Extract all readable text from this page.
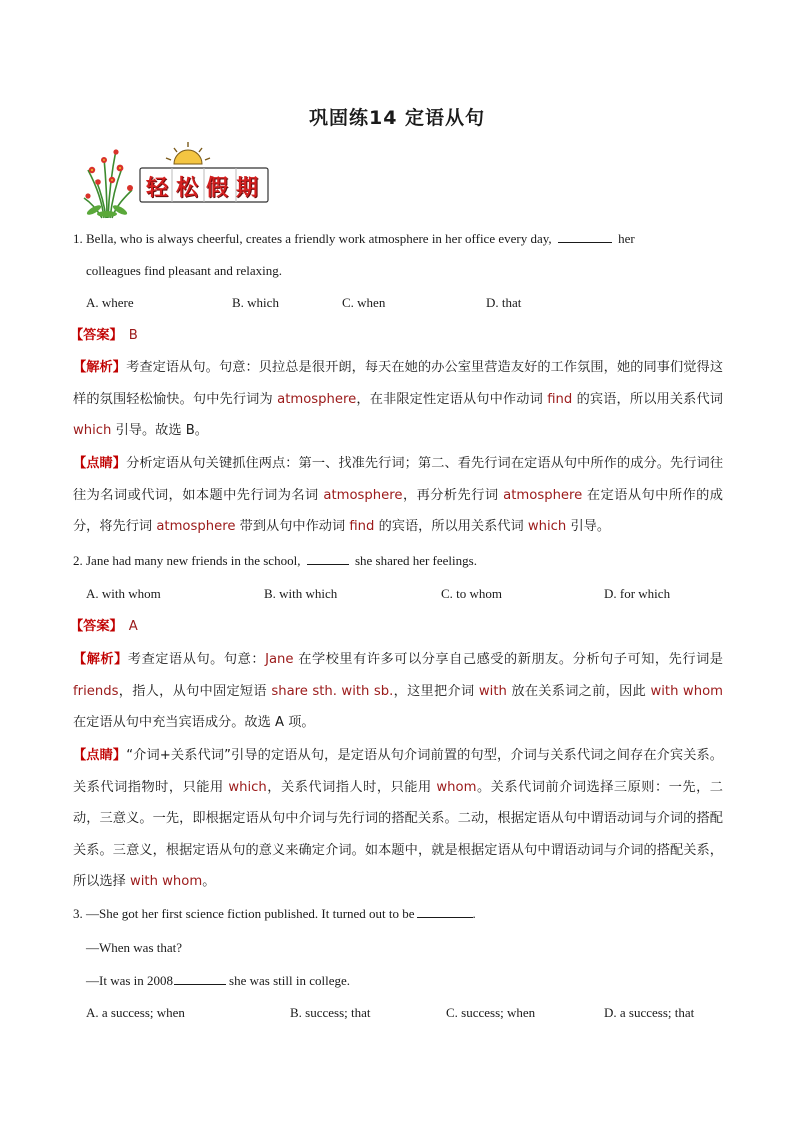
巩固练14 定语从句
轻松假期
1. Bella, who is always cheerful, creates a friendly work atmosphere in her office every day,	her
colleagues find pleasant and relaxing.
A. where	B. which	C. when	D. that
【答案】 B
【解析】考查定语从句。句意：贝拉总是很开朗，每天在她的办公室里营造友好的工作氛围，她的同事们觉得这样的氛围轻松愉快。句中先行词为 atmosphere，在非限定性定语从句中作动词 find 的宾语，所以用关系代词 which 引导。故选 B。
【点睛】分析定语从句关键抓住两点：第一、找准先行词；第二、看先行词在定语从句中所作的成分。先行词往往为名词或代词，如本题中先行词为名词 atmosphere，再分析先行词 atmosphere 在定语从句中所作的成分，将先行词 atmosphere 带到从句中作动词 find 的宾语，所以用关系代词 which 引导。
2. Jane had many new friends in the school,	she shared her feelings.
A. with whom	B. with which	C. to whom	D. for which
【答案】 A
【解析】考查定语从句。句意：Jane 在学校里有许多可以分享自己感受的新朋友。分析句子可知，先行词是 friends，指人，从句中固定短语 share sth. with sb.，这里把介词 with 放在关系词之前，因此 with whom 在定语从句中充当宾语成分。故选 A 项。
【点睛】“介词+关系代词”引导的定语从句，是定语从句介词前置的句型，介词与关系代词之间存在介宾关系。关系代词指物时，只能用 which，关系代词指人时，只能用 whom。关系代词前介词选择三原则：一先，二动，三意义。一先，即根据定语从句中介词与先行词的搭配关系。二动，根据定语从句中谓语动词与介词的搭配关系。三意义，根据定语从句的意义来确定介词。如本题中，就是根据定语从句中谓语动词与介词的搭配关系，所以选择 with whom。
3. —She got her first science fiction published. It turned out to be	.
—When was that?
—It was in 2008	she was still in college.
A. a success; when	B. success; that	C. success; when	D. a success; that
